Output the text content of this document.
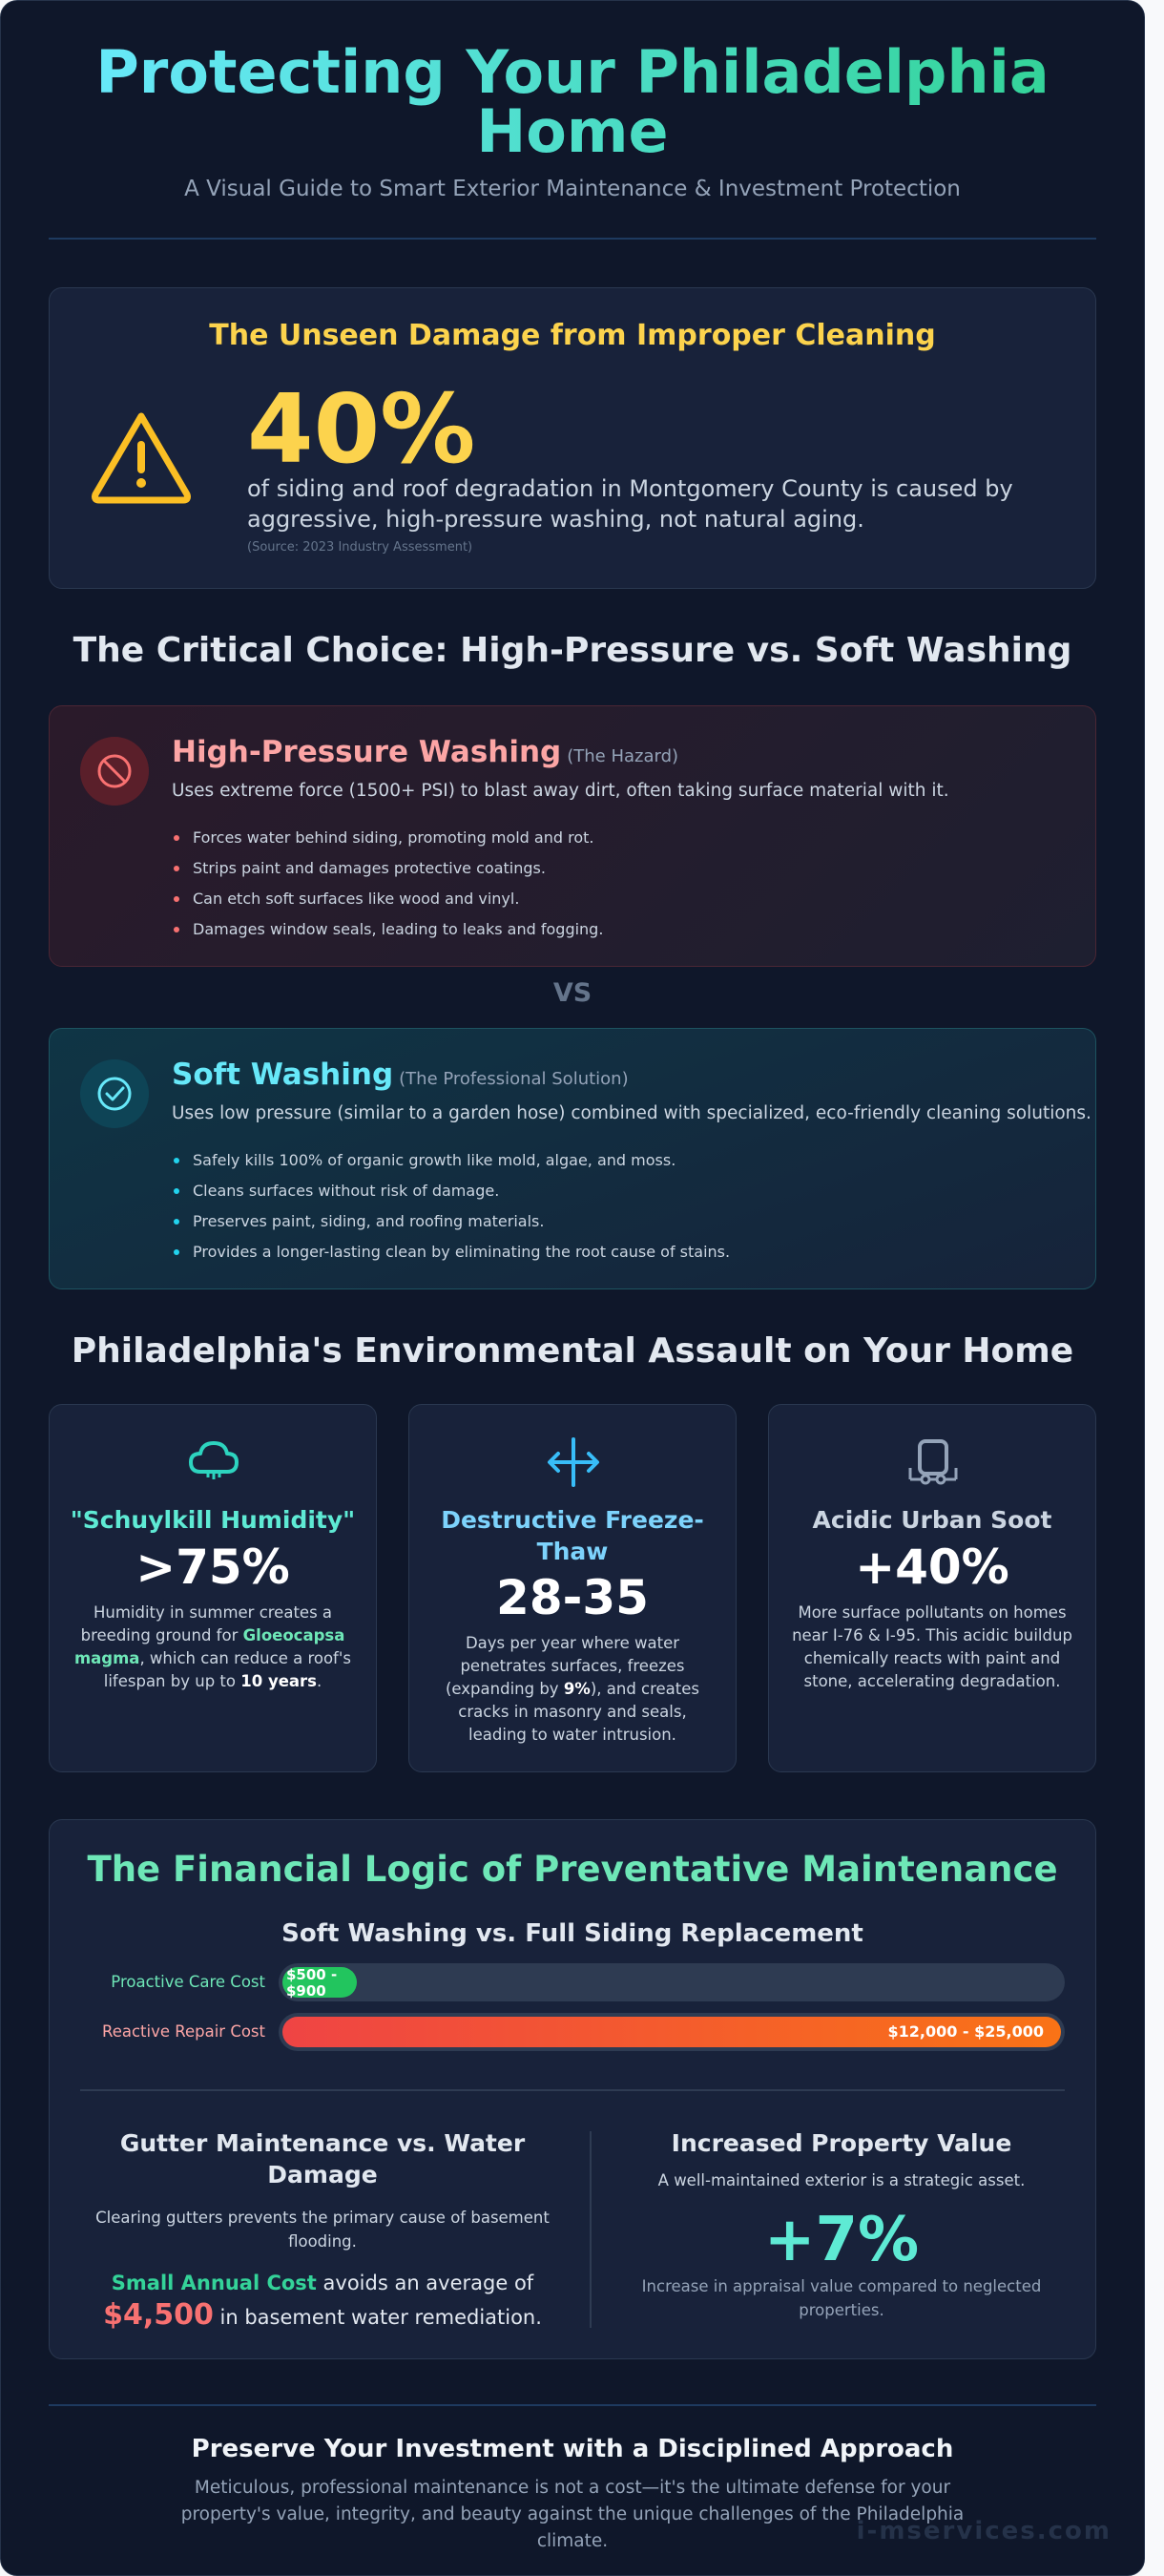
Protecting Your Philadelphia Home
A Visual Guide to Smart Exterior Maintenance & Investment Protection
The Unseen Damage from Improper Cleaning
40%
of siding and roof degradation in Montgomery County is caused by aggressive, high-pressure washing, not natural aging.
(Source: 2023 Industry Assessment)
The Critical Choice: High-Pressure vs. Soft Washing
High-Pressure Washing (The Hazard)
Uses extreme force (1500+ PSI) to blast away dirt, often taking surface material with it.
Forces water behind siding, promoting mold and rot.
Strips paint and damages protective coatings.
Can etch soft surfaces like wood and vinyl.
Damages window seals, leading to leaks and fogging.
VS
Soft Washing (The Professional Solution)
Uses low pressure (similar to a garden hose) combined with specialized, eco-friendly cleaning solutions.
Safely kills 100% of organic growth like mold, algae, and moss.
Cleans surfaces without risk of damage.
Preserves paint, siding, and roofing materials.
Provides a longer-lasting clean by eliminating the root cause of stains.
Philadelphia's Environmental Assault on Your Home
"Schuylkill Humidity"
>75%
Humidity in summer creates a breeding ground for Gloeocapsa magma, which can reduce a roof's lifespan by up to 10 years.
Destructive Freeze-Thaw
28-35
Days per year where water penetrates surfaces, freezes (expanding by 9%), and creates cracks in masonry and seals, leading to water intrusion.
Acidic Urban Soot
+40%
More surface pollutants on homes near I-76 & I-95. This acidic buildup chemically reacts with paint and stone, accelerating degradation.
The Financial Logic of Preventative Maintenance
Soft Washing vs. Full Siding Replacement
Proactive Care Cost $500 - $900
Reactive Repair Cost	$12,000 - $25,000
Gutter Maintenance vs. Water Damage
Clearing gutters prevents the primary cause of basement flooding.
Small Annual Cost avoids an average of
$4,500 in basement water remediation.
Increased Property Value
A well-maintained exterior is a strategic asset.
+7%
Increase in appraisal value compared to neglected properties.
Preserve Your Investment with a Disciplined Approach
Meticulous, professional maintenance is not a cost—it's the ultimate defense for your property's value, integrity, and beauty against the unique challenges of the Philadelphia climate.	i-mservices.com
